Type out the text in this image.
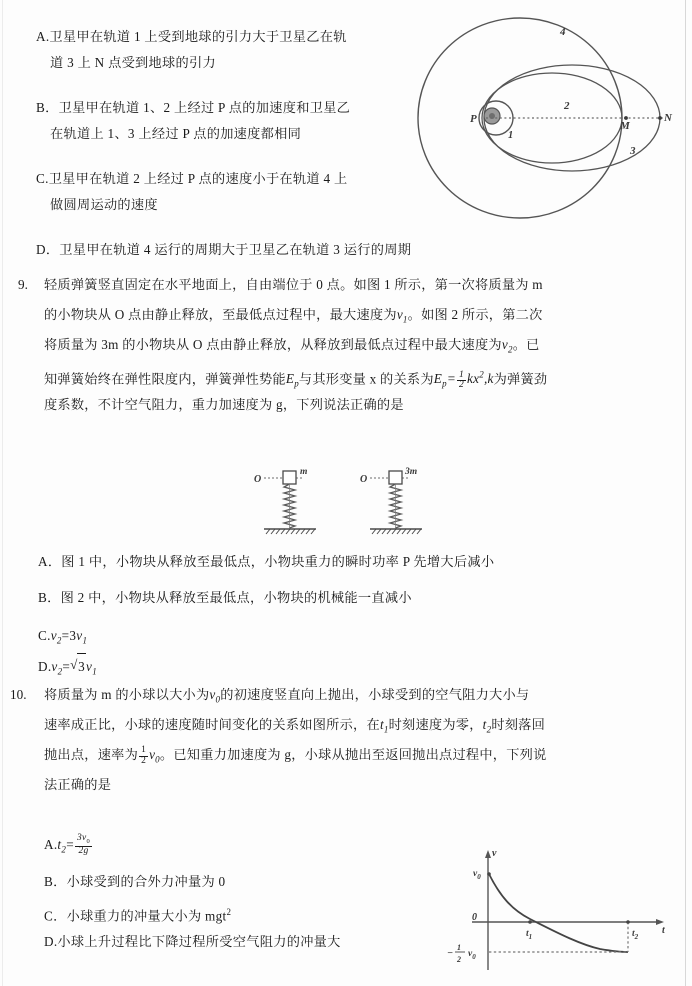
A.卫星甲在轨道 1 上受到地球的引力大于卫星乙在轨
道 3 上 N 点受到地球的引力
B．卫星甲在轨道 1、2 上经过 P 点的加速度和卫星乙
在轨道上 1、3 上经过 P 点的加速度都相同
C.卫星甲在轨道 2 上经过 P 点的速度小于在轨道 4 上
做圆周运动的速度
D．卫星甲在轨道 4 运行的周期大于卫星乙在轨道 3 运行的周期
P
M
N
1
2
3
4
9. 轻质弹簧竖直固定在水平地面上，自由端位于 0 点。如图 1 所示，第一次将质量为 m
的小物块从 O 点由静止释放，至最低点过程中，最大速度为$v_1$。如图 2 所示，第二次
将质量为 3m 的小物块从 O 点由静止释放，从释放到最低点过程中最大速度为$v_2$。已
知弹簧始终在弹性限度内，弹簧弹性势能$E_p$与其形变量 x 的关系为$E_p= \frac{1}{2} kx^2,k$为弹簧劲
度系数，不计空气阻力，重力加速度为 g，下列说法正确的是
O
m
O
3m
A．图 1 中，小物块从释放至最低点，小物块重力的瞬时功率 P 先增大后减小
B．图 2 中，小物块从释放至最低点，小物块的机械能一直减小
$C.v_2=3v_1$
$D.v_2=$ √ $3v_1$
10. 将质量为 m 的小球以大小为$v_0$的初速度竖直向上抛出，小球受到的空气阻力大小与
速率成正比，小球的速度随时间变化的关系如图所示，在$t_1$时刻速度为零，$t_2$时刻落回
抛出点，速率为 $\frac{1}{2} v_0$。已知重力加速度为 g，小球从抛出至返回抛出点过程中，下列说
法正确的是
$A.t_2= \frac{3v_0}{2g}$
B．小球受到的合外力冲量为 0
C．小球重力的冲量大小为 mgt$^2$
D.小球上升过程比下降过程所受空气阻力的冲量大
v
t
0
$v_0$
−
1
2
$v_0$
$t_1$	$t_2$
